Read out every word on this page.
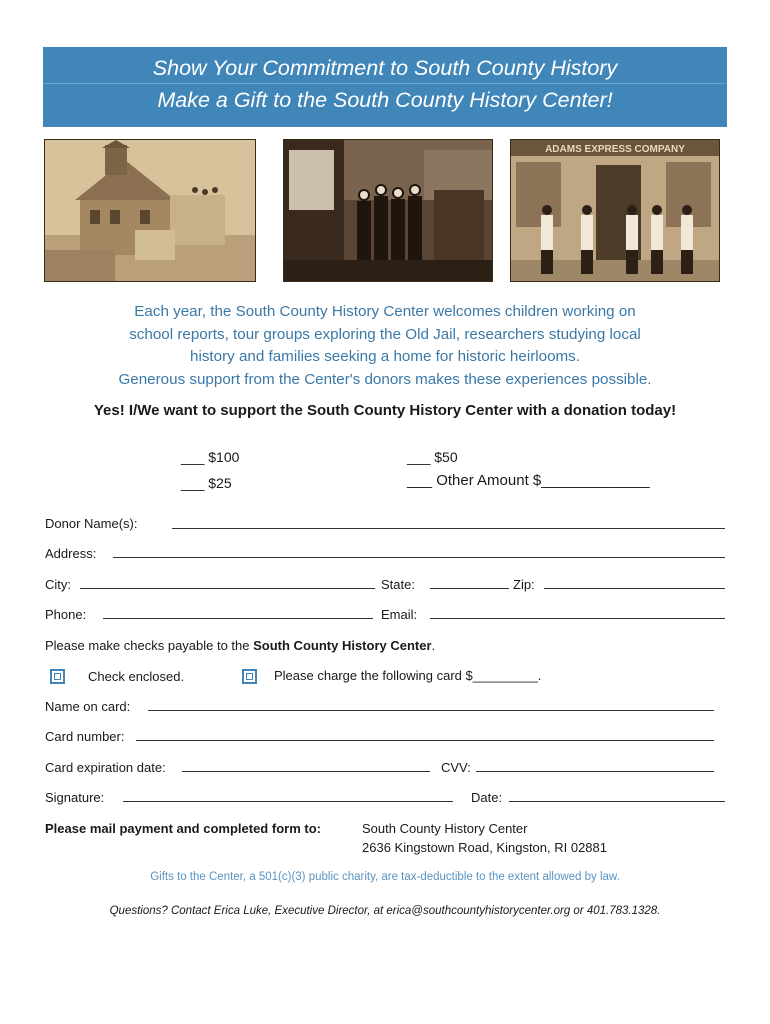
Show Your Commitment to South County History
Make a Gift to the South County History Center!
ADAMS EXPRESS COMPANY
Each year, the South County History Center welcomes children working on
school reports, tour groups exploring the Old Jail, researchers studying local
history and families seeking a home for historic heirlooms.
Generous support from the Center's donors makes these experiences possible.
Yes! I/We want to support the South County History Center with a donation today!
___ $100	___ $50
___ $25	___ Other Amount $_____________
Donor Name(s):
Address:
City:	State:	Zip:
Phone:	Email:
Please make checks payable to the South County History Center.
Check enclosed.	Please charge the following card $_________.
Name on card:
Card number:
Card expiration date:	CVV:
Signature:	Date:
Please mail payment and completed form to:	South County History Center
2636 Kingstown Road, Kingston, RI 02881
Gifts to the Center, a 501(c)(3) public charity, are tax-deductible to the extent allowed by law.
Questions? Contact Erica Luke, Executive Director, at erica@southcountyhistorycenter.org or 401.783.1328.
